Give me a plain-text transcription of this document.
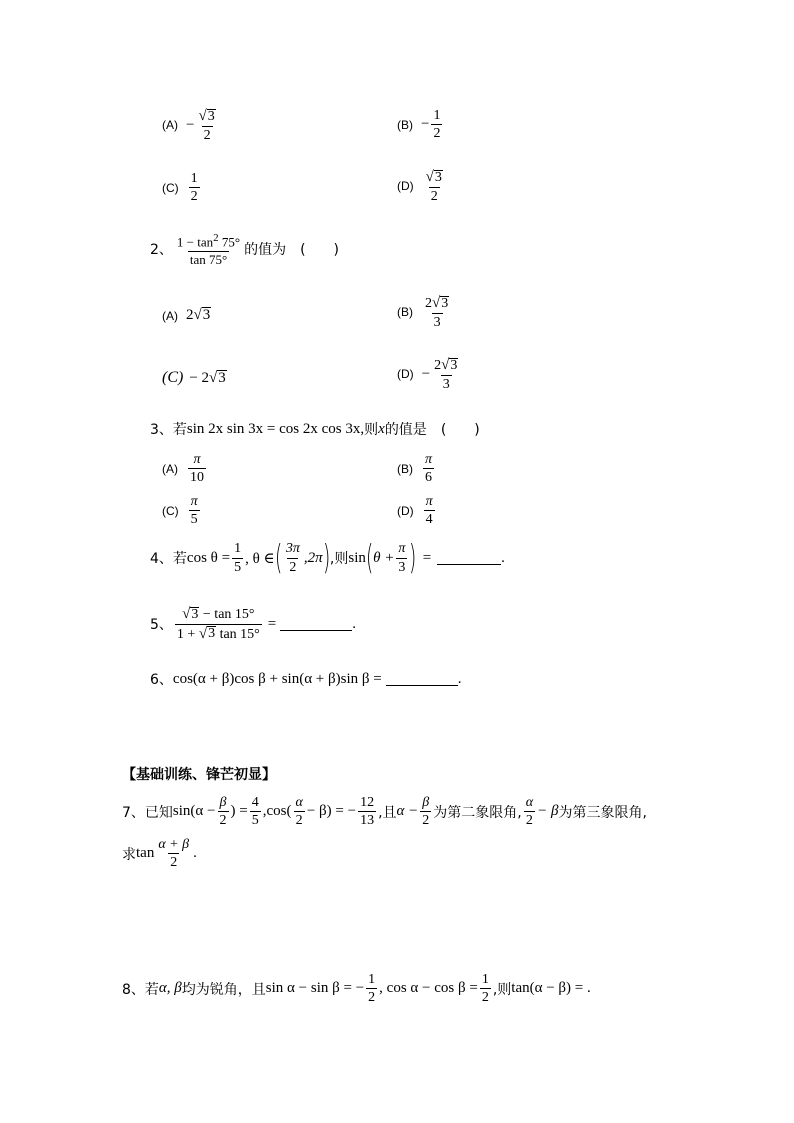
$(A) - \frac{√ 3}{2}$	$(B) - \frac{1}{2}$
$(C) \frac{1}{2}$	$(D) \frac{√ 3}{2}$
2、 $\frac{1 - \tan^2 75^\circ}{\tan 75^\circ}$ 的值为 (　　)
(A) 2 √ 3	$(B) \frac{2 √ 3}{3}$
(C) − 2 √ 3	$(D) - \frac{2 √ 3}{3}$
3、若 sin 2x sin 3x = cos 2x cos 3x, 则 x 的值是 (　　)
$(A) \frac{\pi}{10}$	$(B) \frac{\pi}{6}$
$(C) \frac{\pi}{5}$	$(D) \frac{\pi}{4}$
4、若 $\cos \theta = \frac{1}{5}$ , θ ∈ ( $\frac{3\pi}{2} ,2\pi$ ) ,则 sin ( $\theta + \frac{\pi}{3}$ ) =	.
5、 $\frac{√ 3 - \tan 15^\circ}{1 + √ 3 \tan 15^\circ}$ =	.
6、 cos(α + β)cos β + sin(α + β)sin β =	.
【基础训练、锋芒初显】
7、已知 $\sin(\alpha - \frac{\beta}{2}$ ) = $\frac{4}{5} ,\cos( \frac{\alpha}{2} - \beta)$ = − $\frac{12}{13}$ ,且 $\alpha - \frac{\beta}{2}$ 为第二象限角, $\frac{\alpha}{2} - \beta$ 为第三象限角,
求 $\tan \frac{\alpha + \beta}{2}$ .
8、若 α, β 均为锐角，且 sin α − sin β = − $\frac{1}{2}$ , $\cos \alpha - \cos \beta = \frac{1}{2}$ ,则 tan(α − β) = .
